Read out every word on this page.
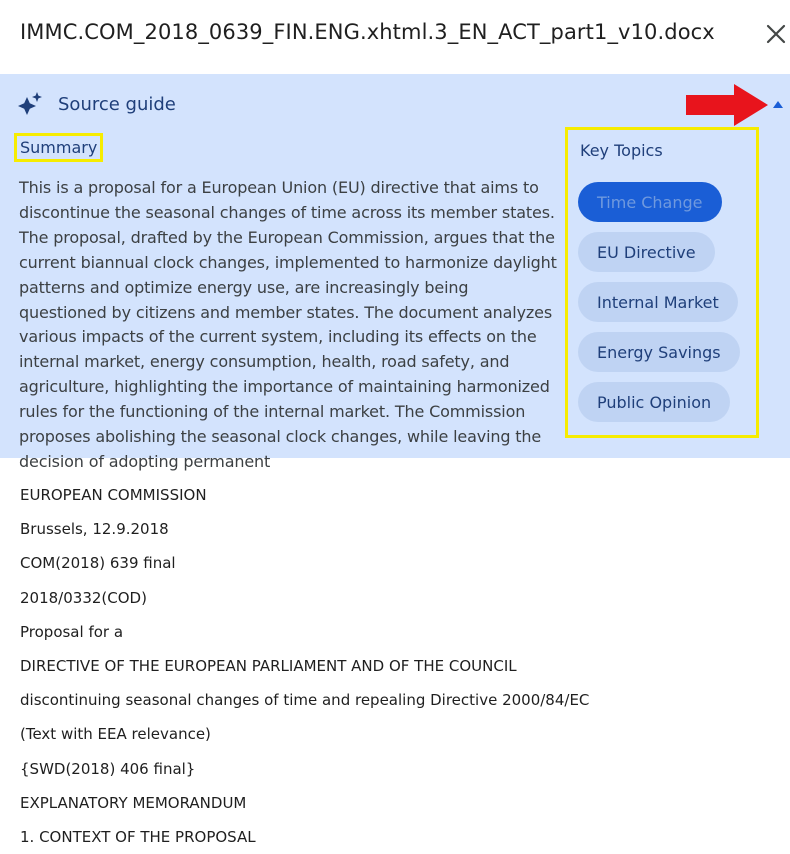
IMMC.COM_2018_0639_FIN.ENG.xhtml.3_EN_ACT_part1_v10.docx
Source guide
Summary
This is a proposal for a European Union (EU) directive that aims to discontinue the seasonal changes of time across its member states. The proposal, drafted by the European Commission, argues that the current biannual clock changes, implemented to harmonize daylight patterns and optimize energy use, are increasingly being questioned by citizens and member states. The document analyzes various impacts of the current system, including its effects on the internal market, energy consumption, health, road safety, and agriculture, highlighting the importance of maintaining harmonized rules for the functioning of the internal market. The Commission proposes abolishing the seasonal clock changes, while leaving the decision of adopting permanent
Key Topics
Time Change
EU Directive
Internal Market
Energy Savings
Public Opinion
EUROPEAN COMMISSION
Brussels, 12.9.2018
COM(2018) 639 final
2018/0332(COD)
Proposal for a
DIRECTIVE OF THE EUROPEAN PARLIAMENT AND OF THE COUNCIL
discontinuing seasonal changes of time and repealing Directive 2000/84/EC
(Text with EEA relevance)
{SWD(2018) 406 final}
EXPLANATORY MEMORANDUM
1. CONTEXT OF THE PROPOSAL
